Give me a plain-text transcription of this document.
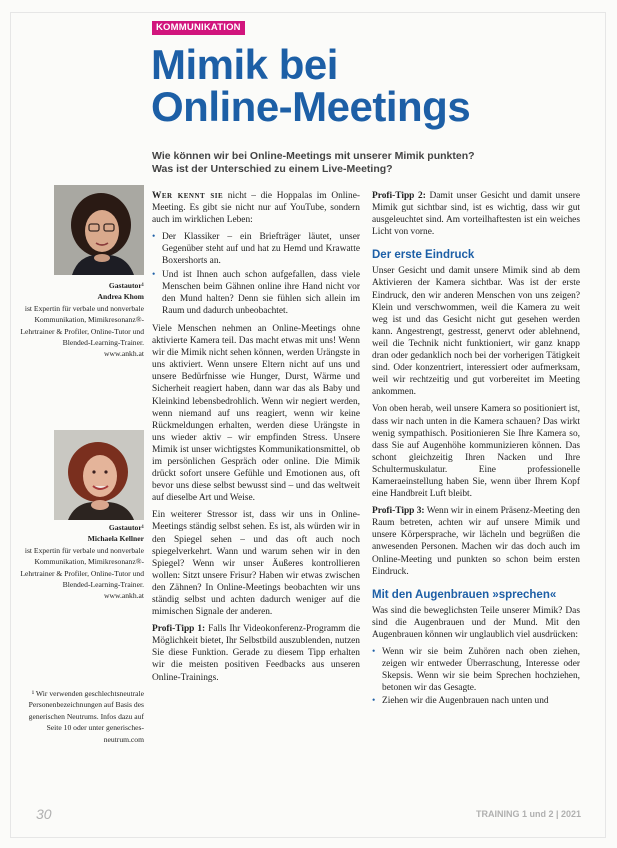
KOMMUNIKATION
Mimik bei
Online-Meetings
Wie können wir bei Online-Meetings mit unserer Mimik punkten?
Was ist der Unterschied zu einem Live-Meeting?
Gastautor¹
Andrea Khom
ist Expertin für verbale und nonverbale Kommunikation, Mimikresonanz®-Lehrtrainer & Profiler, Online-Tutor und Blended-Learning-Trainer.
www.ankh.at
Gastautor¹
Michaela Kellner
ist Expertin für verbale und nonverbale Kommunikation, Mimikresonanz®-Lehrtrainer & Profiler, Online-Tutor und Blended-Learning-Trainer.
www.ankh.at
¹ Wir verwenden geschlechtsneutrale Personenbezeichnungen auf Basis des generischen Neutrums. Infos dazu auf Seite 10 oder unter generisches-neutrum.com

Wer kennt sie nicht – die Hoppalas im Online-Meeting. Es gibt sie nicht nur auf YouTube, sondern auch im wirklichen Leben:

• Der Klassiker – ein Briefträger läutet, unser Gegenüber steht auf und hat zu Hemd und Krawatte Boxershorts an.
• Und ist Ihnen auch schon aufgefallen, dass viele Menschen beim Gähnen online ihre Hand nicht vor den Mund halten? Denn sie fühlen sich allein im Raum und dadurch unbeobachtet.

Viele Menschen nehmen an Online-Meetings ohne aktivierte Kamera teil. Das macht etwas mit uns! Wenn wir die Mimik nicht sehen können, werden Urängste in uns aktiviert. Wenn unsere Eltern nicht auf uns und unsere Bedürfnisse wie Hunger, Durst, Wärme und Sicherheit reagiert haben, dann war das als Baby und Kleinkind lebensbedrohlich. Wenn wir negiert werden, wenn niemand auf uns reagiert, wenn wir keine Rückmeldungen erhalten, werden diese Urängste in uns wieder aktiv – wir empfinden Stress. Unsere Mimik ist unser wichtigstes Kommunikationsmittel, ob im persönlichen Gespräch oder online. Die Mimik drückt sofort unsere Gefühle und Emotionen aus, oft bevor uns diese selbst bewusst sind – und das weltweit auf dieselbe Art und Weise.

Ein weiterer Stressor ist, dass wir uns in Online-Meetings ständig selbst sehen. Es ist, als würden wir in den Spiegel sehen – und das oft auch noch spiegelverkehrt. Wann und warum sehen wir in den Spiegel? Wenn wir unser Äußeres kontrollieren wollen: Sitzt unsere Frisur? Haben wir etwas zwischen den Zähnen? In Online-Meetings beobachten wir uns ständig selbst und achten dadurch weniger auf die mimischen Signale der anderen.

Profi-Tipp 1: Falls Ihr Videokonferenz-Programm die Möglichkeit bietet, Ihr Selbstbild auszublenden, nutzen Sie diese Funktion. Gerade zu diesem Tipp erhalten wir die meisten positiven Feedbacks aus unseren Online-Trainings.

Profi-Tipp 2: Damit unser Gesicht und damit unsere Mimik gut sichtbar sind, ist es wichtig, dass wir gut ausgeleuchtet sind. Am vorteilhaftesten ist ein weiches Licht von vorne.

Der erste Eindruck

Unser Gesicht und damit unsere Mimik sind ab dem Aktivieren der Kamera sichtbar. Was ist der erste Eindruck, den wir anderen Menschen von uns zeigen? Klein und verschwommen, weil die Kamera zu weit weg ist und das Gesicht nicht gut gesehen werden kann. Angestrengt, gestresst, genervt oder ablehnend, weil die Technik nicht funktioniert, wir ganz knapp dran oder gedanklich noch bei der vorherigen Tätigkeit sind. Oder konzentriert, interessiert oder aufmerksam, weil wir rechtzeitig und gut vorbereitet im Meeting ankommen.

Von oben herab, weil unsere Kamera so positioniert ist, dass wir nach unten in die Kamera schauen? Das wirkt wenig sympathisch. Positionieren Sie Ihre Kamera so, dass Sie auf Augenhöhe kommunizieren können. Das schont gleichzeitig Ihren Nacken und Ihre Schultermuskulatur. Eine professionelle Kameraeinstellung haben Sie, wenn über Ihrem Kopf eine Handbreit Luft bleibt.

Profi-Tipp 3: Wenn wir in einem Präsenz-Meeting den Raum betreten, achten wir auf unsere Mimik und unsere Körpersprache, wir lächeln und begrüßen die anwesenden Personen. Machen wir das doch auch im Online-Meeting und punkten so schon beim ersten Eindruck.

Mit den Augenbrauen »sprechen«

Was sind die beweglichsten Teile unserer Mimik? Das sind die Augenbrauen und der Mund. Mit den Augenbrauen können wir unglaublich viel ausdrücken:

• Wenn wir sie beim Zuhören nach oben ziehen, zeigen wir entweder Überraschung, Interesse oder Skepsis. Wenn wir sie beim Sprechen hochziehen, betonen wir das Gesagte.
• Ziehen wir die Augenbrauen nach unten und
30	TRAINING 1 und 2 | 2021
